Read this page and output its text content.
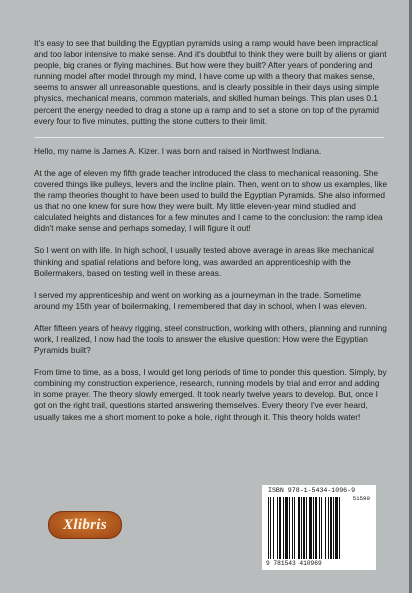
It's easy to see that building the Egyptian pyramids using a ramp would have been impractical and too labor intensive to make sense. And it's doubtful to think they were built by aliens or giant people, big cranes or flying machines. But how were they built? After years of pondering and running model after model through my mind, I have come up with a theory that makes sense, seems to answer all unreasonable questions, and is clearly possible in their days using simple physics, mechanical means, common materials, and skilled human beings. This plan uses 0.1 percent the energy needed to drag a stone up a ramp and to set a stone on top of the pyramid every four to five minutes, putting the stone cutters to their limit.

Hello, my name is James A. Kizer. I was born and raised in Northwest Indiana.

At the age of eleven my fifth grade teacher introduced the class to mechanical reasoning. She covered things like pulleys, levers and the incline plain. Then, went on to show us examples, like the ramp theories thought to have been used to build the Egyptian Pyramids. She also informed us that no one knew for sure how they were built. My little eleven-year mind studied and calculated heights and distances for a few minutes and I came to the conclusion: the ramp idea didn't make sense and perhaps someday, I will figure it out!

So I went on with life. In high school, I usually tested above average in areas like mechanical thinking and spatial relations and before long, was awarded an apprenticeship with the Boilermakers, based on testing well in these areas.

I served my apprenticeship and went on working as a journeyman in the trade. Sometime around my 15th year of boilermaking, I remembered that day in school, when I was eleven.

After fifteen years of heavy rigging, steel construction, working with others, planning and running work, I realized, I now had the tools to answer the elusive question: How were the Egyptian Pyramids built?

From time to time, as a boss, I would get long periods of time to ponder this question. Simply, by combining my construction experience, research, running models by trial and error and adding in some prayer. The theory slowly emerged. It took nearly twelve years to develop. But, once I got on the right trail, questions started answering themselves. Every theory I've ever heard, usually takes me a short moment to poke a hole, right through it. This theory holds water!

Xlibris
ISBN 978-1-5434-1096-9
51599
9 781543 410969
